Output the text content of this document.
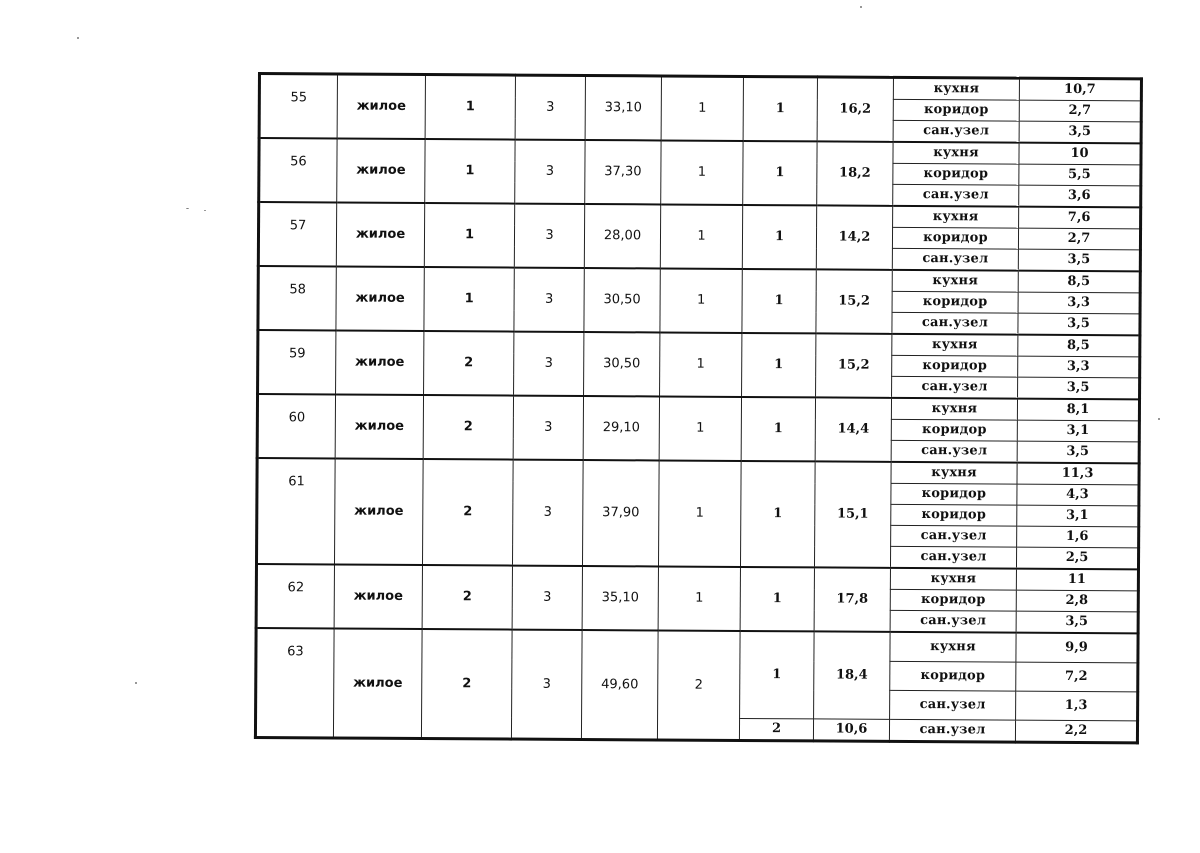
55	жилое	1	3	33,10	1	1	16,2	кухня	10,7
								коридор	2,7
								сан.узел	3,5
56	жилое	1	3	37,30	1	1	18,2	кухня	10
								коридор	5,5
								сан.узел	3,6
57	жилое	1	3	28,00	1	1	14,2	кухня	7,6
								коридор	2,7
								сан.узел	3,5
58	жилое	1	3	30,50	1	1	15,2	кухня	8,5
								коридор	3,3
								сан.узел	3,5
59	жилое	2	3	30,50	1	1	15,2	кухня	8,5
								коридор	3,3
								сан.узел	3,5
60	жилое	2	3	29,10	1	1	14,4	кухня	8,1
								коридор	3,1
								сан.узел	3,5
61	жилое	2	3	37,90	1	1	15,1	кухня	11,3
								коридор	4,3
								коридор	3,1
								сан.узел	1,6
								сан.узел	2,5
62	жилое	2	3	35,10	1	1	17,8	кухня	11
								коридор	2,8
								сан.узел	3,5
63	жилое	2	3	49,60	2	1	18,4	кухня	9,9
								коридор	7,2
								сан.узел	1,3
						2	10,6	сан.узел	2,2
